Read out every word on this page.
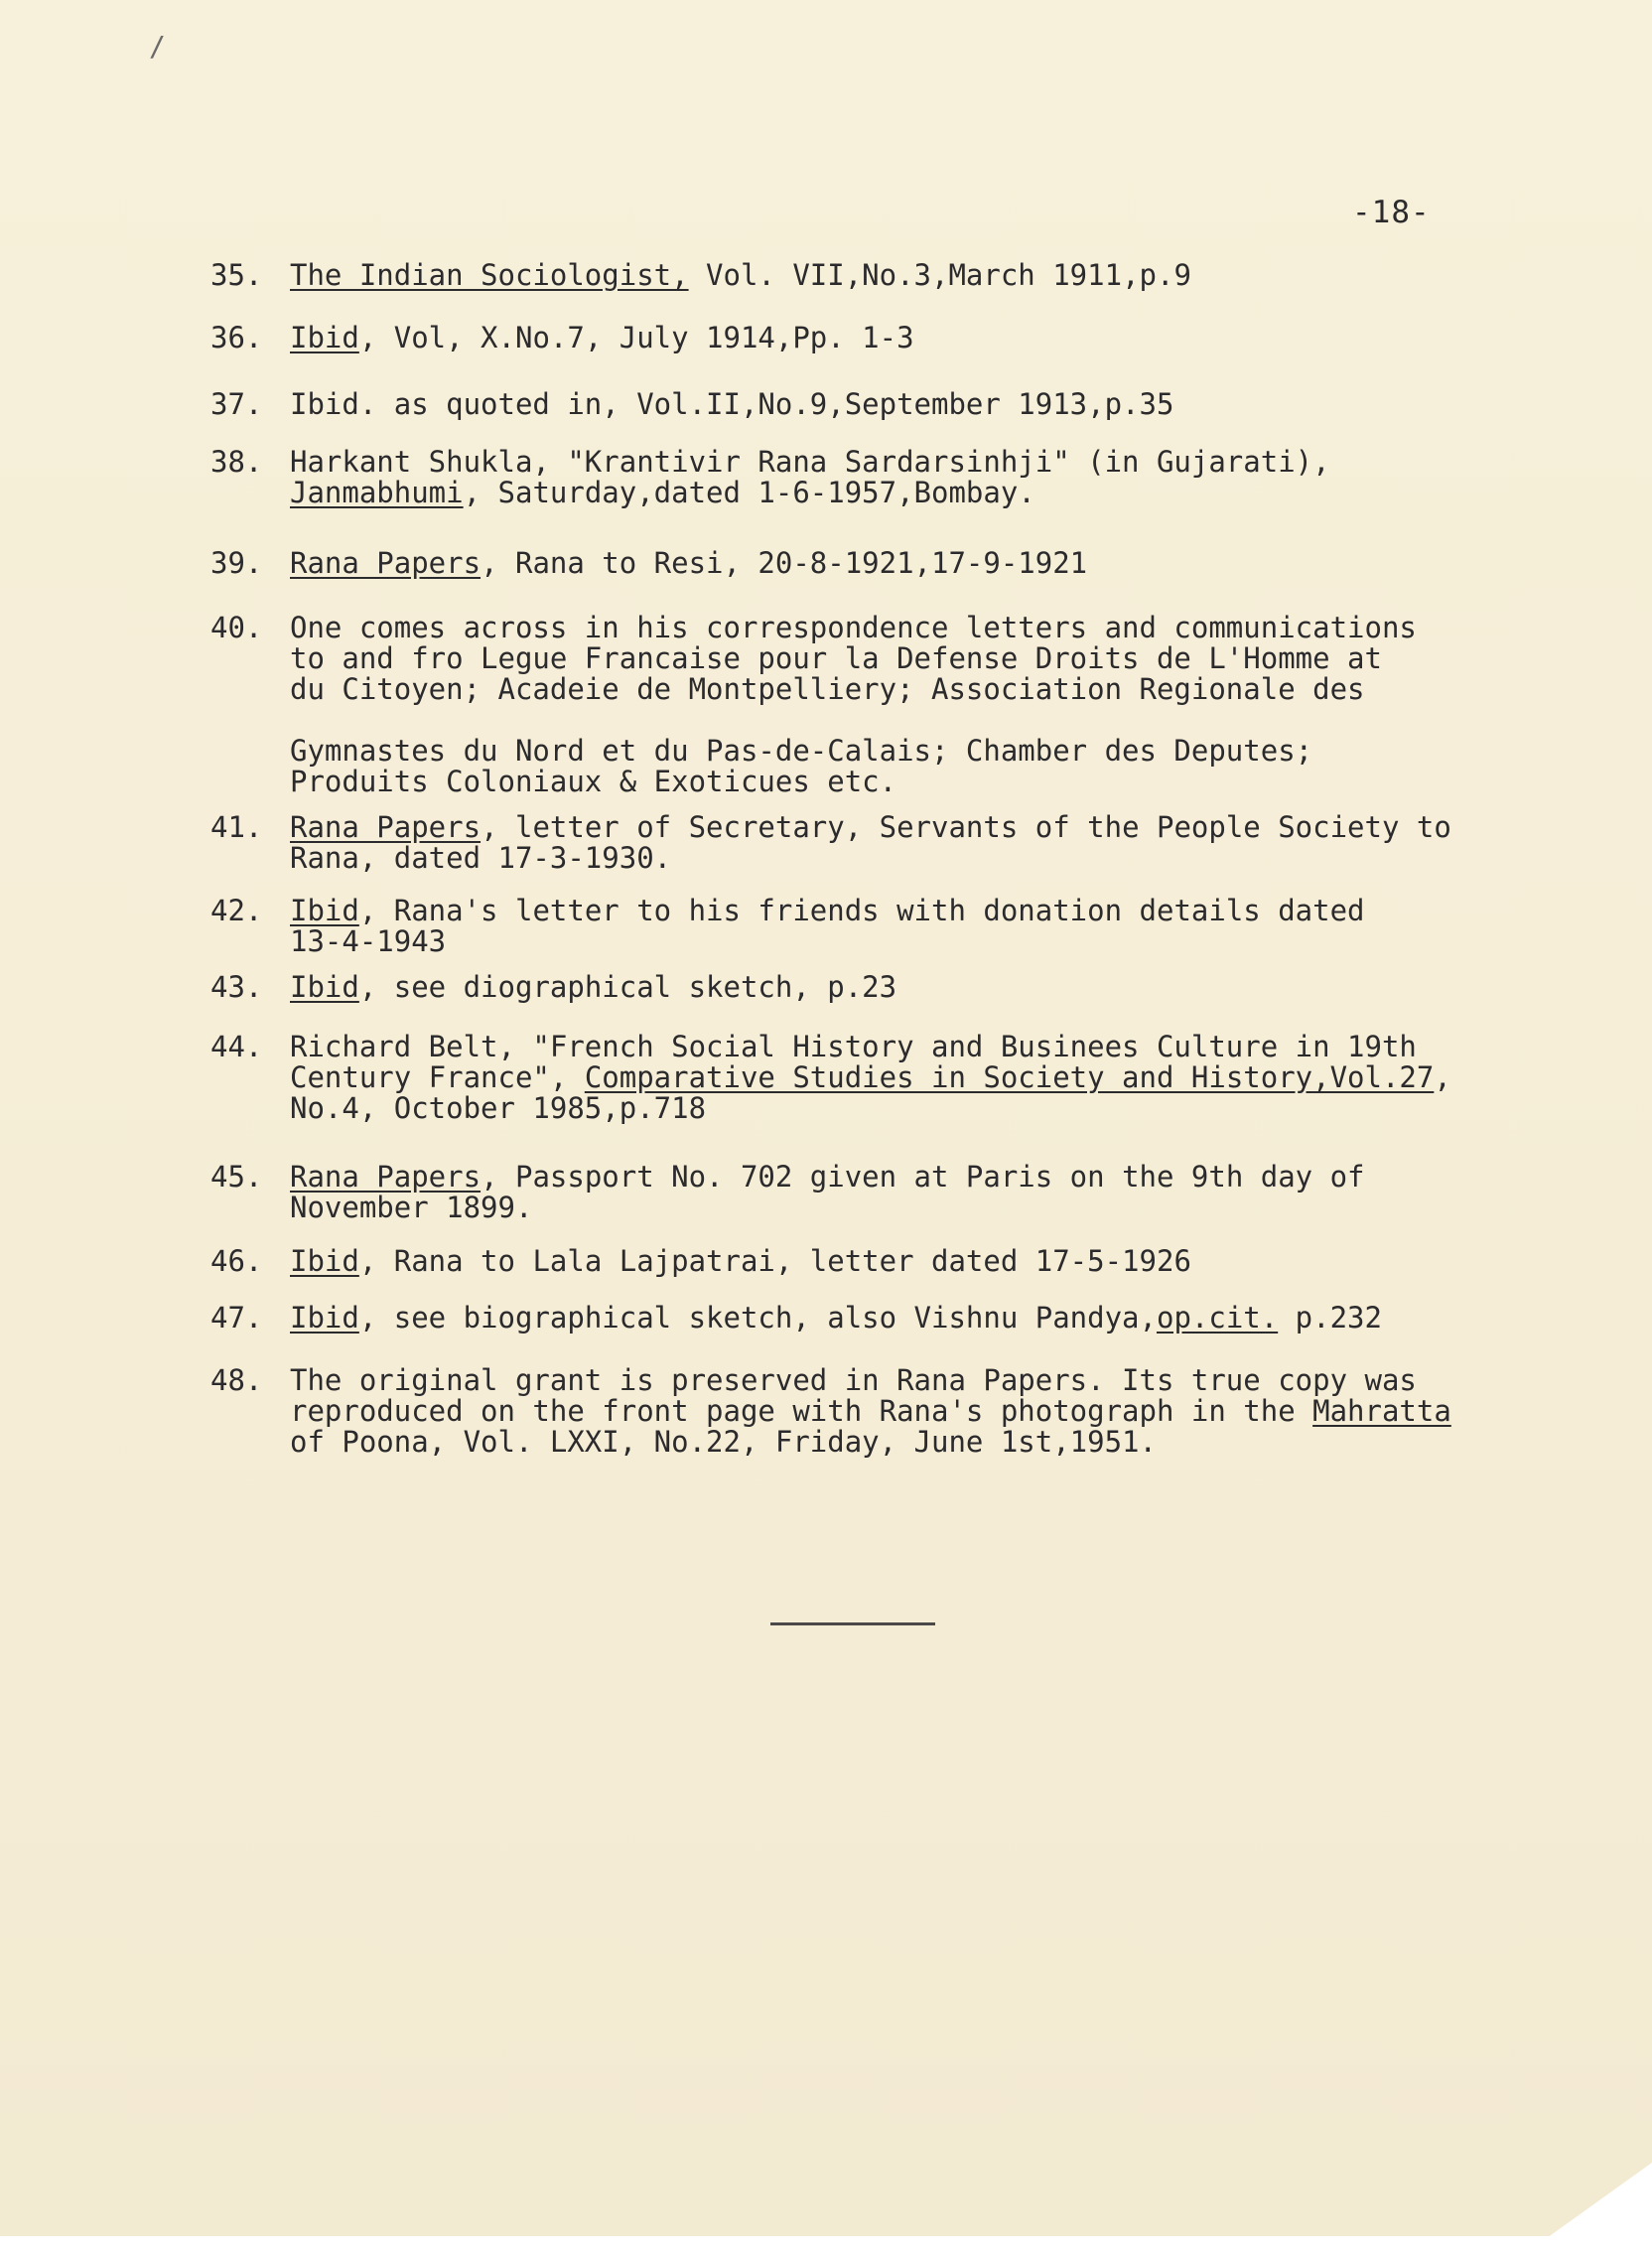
/
-18-
35. The Indian Sociologist, Vol. VII,No.3,March 1911,p.9
36. Ibid, Vol, X.No.7, July 1914,Pp. 1-3
37. Ibid. as quoted in, Vol.II,No.9,September 1913,p.35
38. Harkant Shukla, "Krantivir Rana Sardarsinhji" (in Gujarati),
Janmabhumi, Saturday,dated 1-6-1957,Bombay.
39. Rana Papers, Rana to Resi, 20-8-1921,17-9-1921
40. One comes across in his correspondence letters and communications
to and fro Legue Francaise pour la Defense Droits de L'Homme at
du Citoyen; Acadeie de Montpelliery; Association Regionale des

Gymnastes du Nord et du Pas-de-Calais; Chamber des Deputes;
Produits Coloniaux & Exoticues etc.
41. Rana Papers, letter of Secretary, Servants of the People Society to
Rana, dated 17-3-1930.
42. Ibid, Rana's letter to his friends with donation details dated
13-4-1943
43. Ibid, see diographical sketch, p.23
44. Richard Belt, "French Social History and Businees Culture in 19th
Century France", Comparative Studies in Society and History,Vol.27,
No.4, October 1985,p.718
45. Rana Papers, Passport No. 702 given at Paris on the 9th day of
November 1899.
46. Ibid, Rana to Lala Lajpatrai, letter dated 17-5-1926
47. Ibid, see biographical sketch, also Vishnu Pandya,op.cit. p.232
48. The original grant is preserved in Rana Papers. Its true copy was
reproduced on the front page with Rana's photograph in the Mahratta
of Poona, Vol. LXXI, No.22, Friday, June 1st,1951.
